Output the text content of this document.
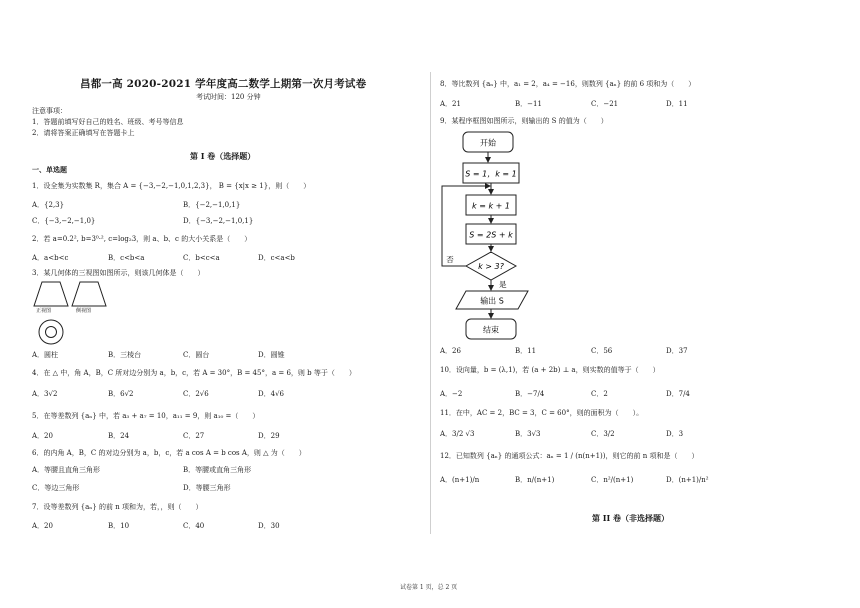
昌都一高 2020-2021 学年度高二数学上期第一次月考试卷
考试时间：120 分钟
注意事项：
1．答题前填写好自己的姓名、班级、考号等信息
2．请将答案正确填写在答题卡上
第 I 卷（选择题）
一、单选题
1．设全集为实数集 R，集合 A = {−3,−2,−1,0,1,2,3}， B = {x|x ≥ 1}，则（　　）
A．{2,3}	B．{−2,−1,0,1}
C．{−3,−2,−1,0}	D．{−3,−2,−1,0,1}
2．若 a=0.2², b=3⁰·², c=log₂3，则 a、b、c 的大小关系是（　　）
A．a<b<c	B．c<b<a	C．b<c<a	D．c<a<b
3．某几何体的三视图如图所示，则该几何体是（　　）
正视图	侧视图
A．圆柱	B．三棱台	C．圆台	D．圆锥
4．在 △ 中，角 A，B，C 所对边分别为 a，b，c，若 A = 30°，B = 45°，a = 6，则 b 等于（　　）
A．3√2	B．6√2	C．2√6	D．4√6
5．在等差数列 {aₙ} 中，若 a₃ + a₇ = 10，a₁₁ = 9，则 a₁₀ =（　　）
A．20	B．24	C．27	D．29
6．的内角 A，B，C 的对边分别为 a，b，c，若 a cos A = b cos A，则 △ 为（　　）
A．等腰且直角三角形	B．等腰或直角三角形
C．等边三角形	D．等腰三角形
7．设等差数列 {aₙ} 的前 n 项和为，若，，则（　　）
A．20	B．10	C．40	D．30
8．等比数列 {aₙ} 中，a₁ = 2，a₄ = −16，则数列 {aₙ} 的前 6 项和为（　　）
A．21	B．−11	C．−21	D．11
9．某程序框图如图所示，则输出的 S 的值为（　　）
开始
S = 1，k = 1
k = k + 1
S = 2S + k
k > 3?
否
是
输出 S
结束
A．26	B．11	C．56	D．37
10．设向量，b = (λ,1)，若 (a + 2b) ⊥ a，则实数的值等于（　　）
A．−2	B．−7/4	C．2	D．7/4
11．在中，AC = 2，BC = 3，C = 60°，则的面积为（　　）。
A．3/2 √3	B．3√3	C．3/2	D．3
12．已知数列 {aₙ} 的通项公式：aₙ = 1 / (n(n+1))，则它的前 n 项和是（　　）
A．(n+1)/n	B．n/(n+1)	C．n²/(n+1)	D．(n+1)/n²
第 II 卷（非选择题）
试卷第 1 页，总 2 页
